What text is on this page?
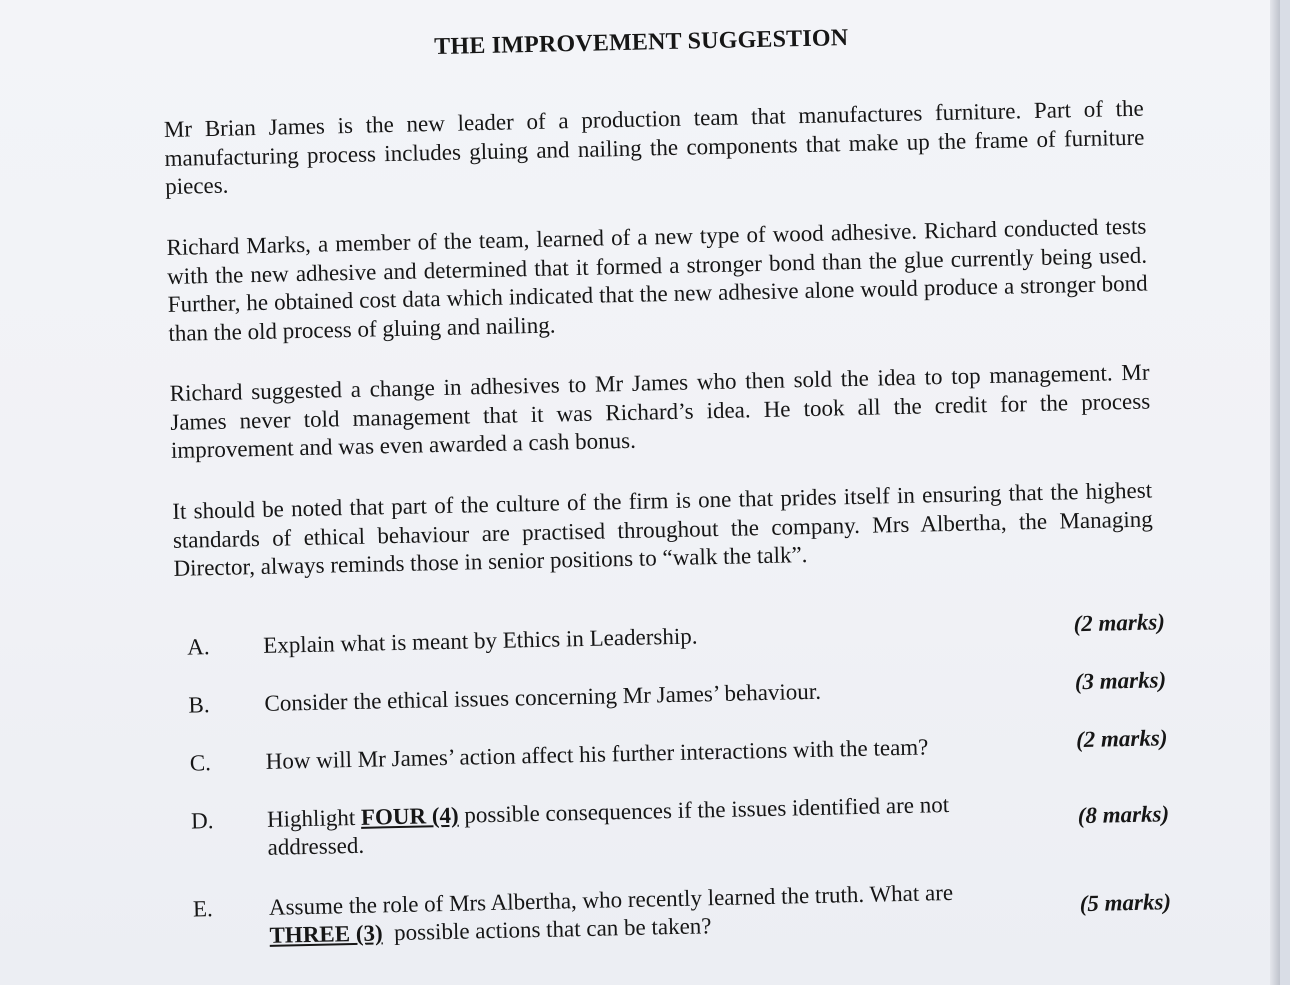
THE IMPROVEMENT SUGGESTION
Mr Brian James is the new leader of a production team that manufactures furniture. Part of the manufacturing process includes gluing and nailing the components that make up the frame of furniture pieces.
Richard Marks, a member of the team, learned of a new type of wood adhesive. Richard conducted tests with the new adhesive and determined that it formed a stronger bond than the glue currently being used. Further, he obtained cost data which indicated that the new adhesive alone would produce a stronger bond than the old process of gluing and nailing.
Richard suggested a change in adhesives to Mr James who then sold the idea to top management. Mr James never told management that it was Richard’s idea. He took all the credit for the process improvement and was even awarded a cash bonus.
It should be noted that part of the culture of the firm is one that prides itself in ensuring that the highest standards of ethical behaviour are practised throughout the company. Mrs Albertha, the Managing Director, always reminds those in senior positions to “walk the talk”.
A. Explain what is meant by Ethics in Leadership.
(2 marks)
B. Consider the ethical issues concerning Mr James’ behaviour.	(3 marks)
C. How will Mr James’ action affect his further interactions with the team?	(2 marks)
D. Highlight FOUR (4) possible consequences if the issues identified are not addressed.
(8 marks)
E. Assume the role of Mrs Albertha, who recently learned the truth. What are THREE (3) possible actions that can be taken?
(5 marks)
